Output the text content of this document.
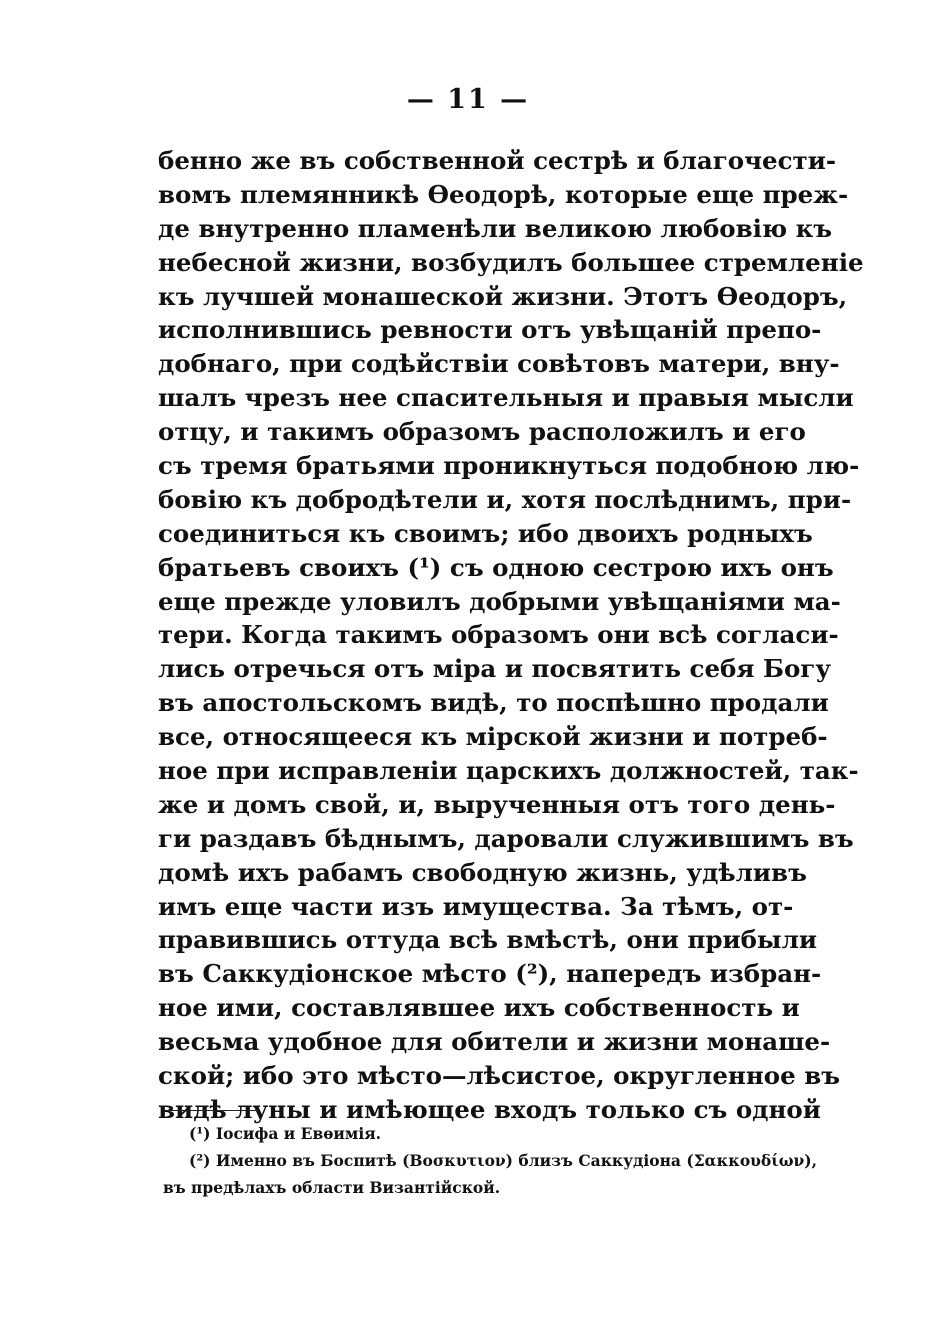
— 11 —
бенно же въ собственной сестрѣ и благочести-
вомъ племянникѣ Ѳеодорѣ, которые еще преж-
де внутренно пламенѣли великою любовію къ
небесной жизни, возбудилъ большее стремленіе
къ лучшей монашеской жизни. Этотъ Ѳеодоръ,
исполнившись ревности отъ увѣщаній препо-
добнаго, при содѣйствіи совѣтовъ матери, вну-
шалъ чрезъ нее спасительныя и правыя мысли
отцу, и такимъ образомъ расположилъ и его
съ тремя братьями проникнуться подобною лю-
бовію къ добродѣтели и, хотя послѣднимъ, при-
соединиться къ своимъ; ибо двоихъ родныхъ
братьевъ своихъ (¹) съ одною сестрою ихъ онъ
еще прежде уловилъ добрыми увѣщаніями ма-
тери. Когда такимъ образомъ они всѣ согласи-
лись отречься отъ міра и посвятить себя Богу
въ апостольскомъ видѣ, то поспѣшно продали
все, относящееся къ мірской жизни и потреб-
ное при исправленіи царскихъ должностей, так-
же и домъ свой, и, вырученныя отъ того день-
ги раздавъ бѣднымъ, даровали служившимъ въ
домѣ ихъ рабамъ свободную жизнь, удѣливъ
имъ еще части изъ имущества. За тѣмъ, от-
правившись оттуда всѣ вмѣстѣ, они прибыли
въ Саккудіонское мѣсто (²), напередъ избран-
ное ими, составлявшее ихъ собственность и
весьма удобное для обители и жизни монаше-
ской; ибо это мѣсто—лѣсистое, округленное въ
видѣ луны и имѣющее входъ только съ одной
(¹) Іосифа и Евѳимія.
(²) Именно въ Боспитѣ (Βοσκυτιον) близъ Саккудіона (Σακκουδίων),
въ предѣлахъ области Византійской.
